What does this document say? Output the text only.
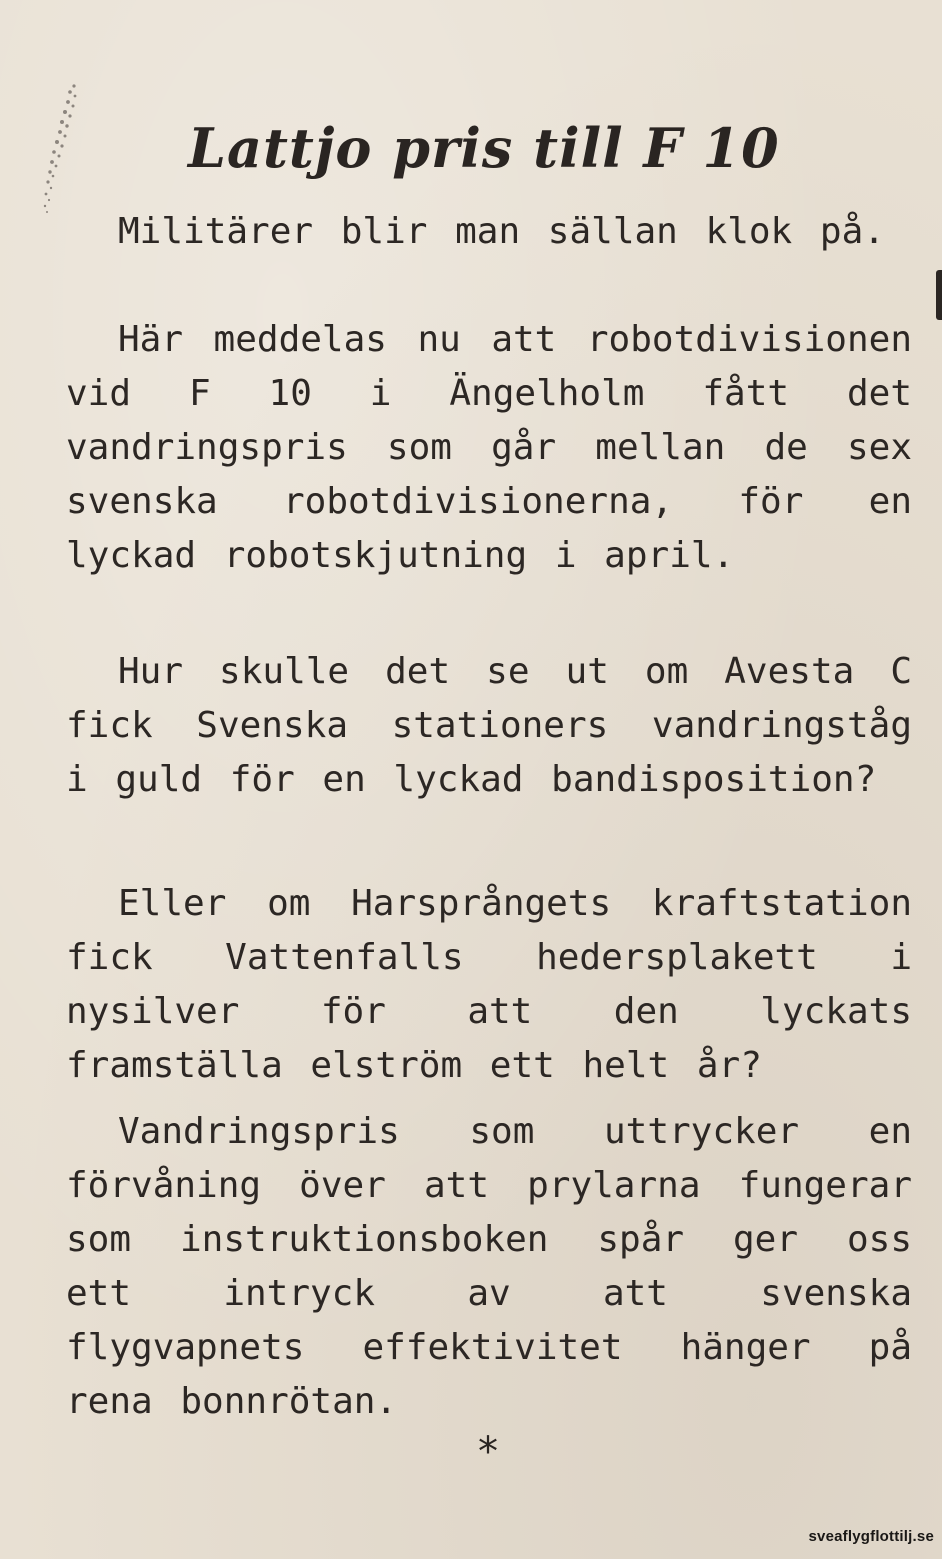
Lattjo pris till F 10

Militärer blir man sällan klok på.

Här meddelas nu att robotdivisionen vid F 10 i Ängelholm fått det vandringspris som går mellan de sex svenska robotdivisionerna, för en lyckad robotskjutning i april.

Hur skulle det se ut om Avesta C fick Svenska stationers vandringståg i guld för en lyckad bandisposition?

Eller om Harsprångets kraftstation fick Vattenfalls hedersplakett i nysilver för att den lyckats framställa elström ett helt år?

Vandringspris som uttrycker en förvåning över att prylarna fungerar som instruktionsboken spår ger oss ett intryck av att svenska flygvapnets effektivitet hänger på rena bonnrötan.

*
sveaflygflottilj.se
